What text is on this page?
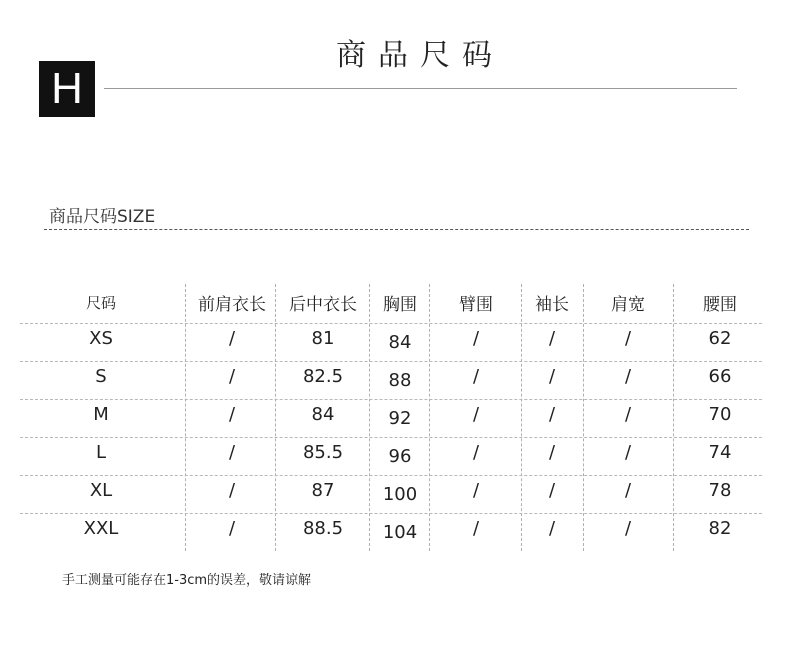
H
商品尺码
商品尺码SIZE
尺码	前肩衣长	后中衣长	胸围	臂围	袖长	肩宽	腰围
XS	/	81	84	/	/	/	62
S	/	82.5	88	/	/	/	66
M	/	84	92	/	/	/	70
L	/	85.5	96	/	/	/	74
XL	/	87	100	/	/	/	78
XXL	/	88.5	104	/	/	/	82
手工测量可能存在1-3cm的误差，敬请谅解
